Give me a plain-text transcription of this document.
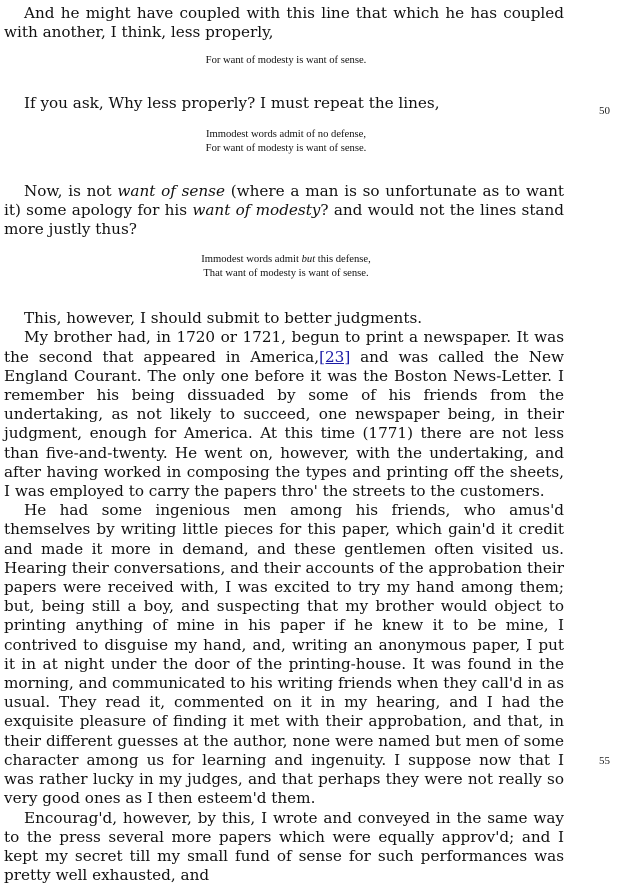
And he might have coupled with this line that which he has coupled with another, I think, less properly,

For want of modesty is want of sense.

If you ask, Why less properly? I must repeat the lines,

Immodest words admit of no defense,
For want of modesty is want of sense.

Now, is not want of sense (where a man is so unfortunate as to want it) some apology for his want of modesty? and would not the lines stand more justly thus?

Immodest words admit but this defense,
That want of modesty is want of sense.

This, however, I should submit to better judgments.

My brother had, in 1720 or 1721, begun to print a newspaper. It was the second that appeared in America,[23] and was called the New England Courant. The only one before it was the Boston News-Letter. I remember his being dissuaded by some of his friends from the undertaking, as not likely to succeed, one newspaper being, in their judgment, enough for America. At this time (1771) there are not less than five-and-twenty. He went on, however, with the undertaking, and after having worked in composing the types and printing off the sheets, I was employed to carry the papers thro' the streets to the customers.

He had some ingenious men among his friends, who amus'd themselves by writing little pieces for this paper, which gain'd it credit and made it more in demand, and these gentlemen often visited us. Hearing their conversations, and their accounts of the approbation their papers were received with, I was excited to try my hand among them; but, being still a boy, and suspecting that my brother would object to printing anything of mine in his paper if he knew it to be mine, I contrived to disguise my hand, and, writing an anonymous paper, I put it in at night under the door of the printing-house. It was found in the morning, and communicated to his writing friends when they call'd in as usual. They read it, commented on it in my hearing, and I had the exquisite pleasure of finding it met with their approbation, and that, in their different guesses at the author, none were named but men of some character among us for learning and ingenuity. I suppose now that I was rather lucky in my judges, and that perhaps they were not really so very good ones as I then esteem'd them.

Encourag'd, however, by this, I wrote and conveyed in the same way to the press several more papers which were equally approv'd; and I kept my secret till my small fund of sense for such performances was pretty well exhausted, and

50
55
